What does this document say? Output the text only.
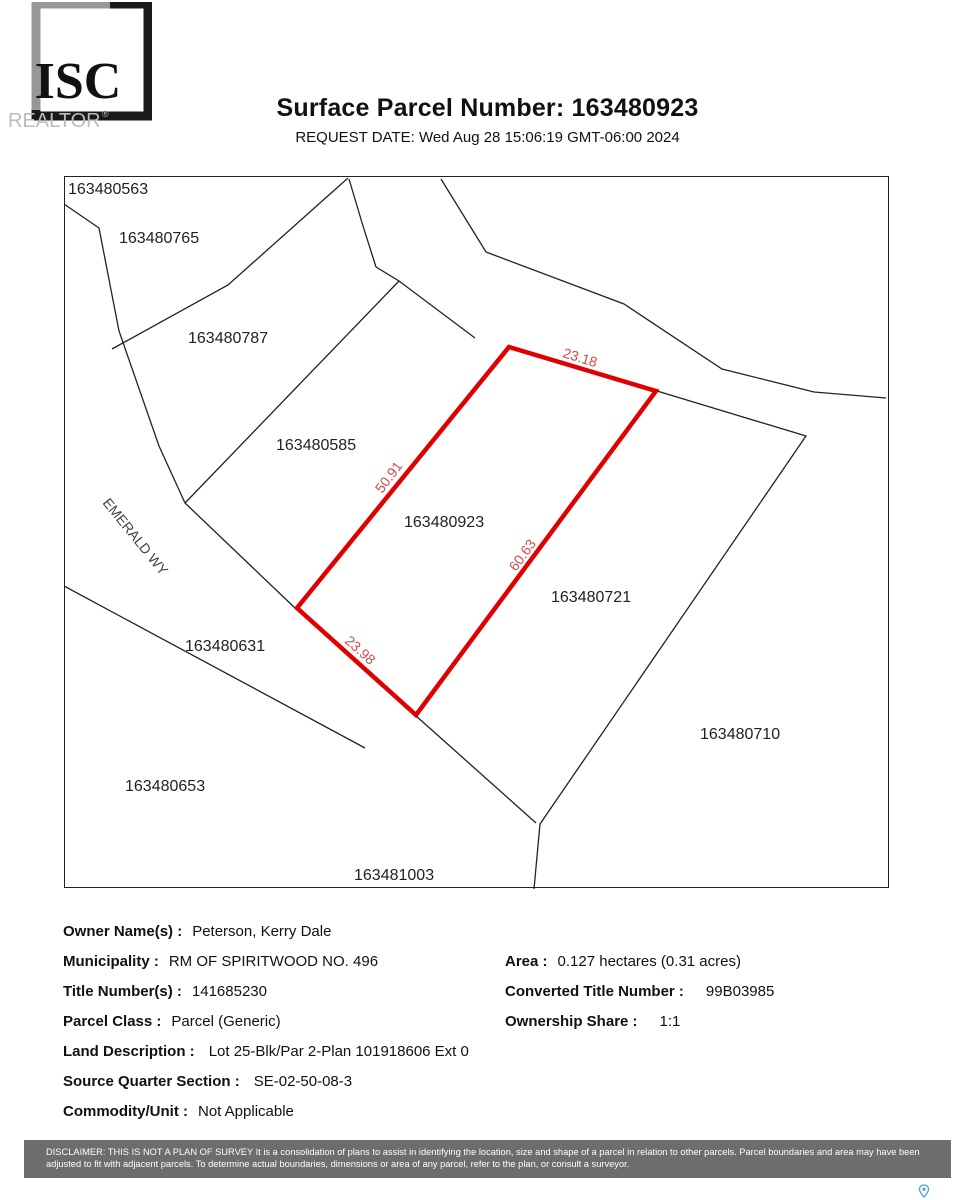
ISC
REALTOR ®	Surface Parcel Number: 163480923
REQUEST DATE: Wed Aug 28 15:06:19 GMT-06:00 2024
163480563
163480765
163480787
163480585
163480923
163480721
163480631
163480710
163480653
163481003
EMERALD WY
23.18
50.91
60.63
23.98
Owner Name(s) : Peterson, Kerry Dale
Municipality : RM OF SPIRITWOOD NO. 496	Area : 0.127 hectares (0.31 acres)
Title Number(s) : 141685230	Converted Title Number : 99B03985
Parcel Class : Parcel (Generic)	Ownership Share : 1:1
Land Description : Lot 25-Blk/Par 2-Plan 101918606 Ext 0
Source Quarter Section : SE-02-50-08-3
Commodity/Unit : Not Applicable
DISCLAIMER: THIS IS NOT A PLAN OF SURVEY It is a consolidation of plans to assist in identifying the location, size and shape of a parcel in relation to other parcels. Parcel boundaries and area may have been adjusted to fit with adjacent parcels. To determine actual boundaries, dimensions or area of any parcel, refer to the plan, or consult a surveyor.
